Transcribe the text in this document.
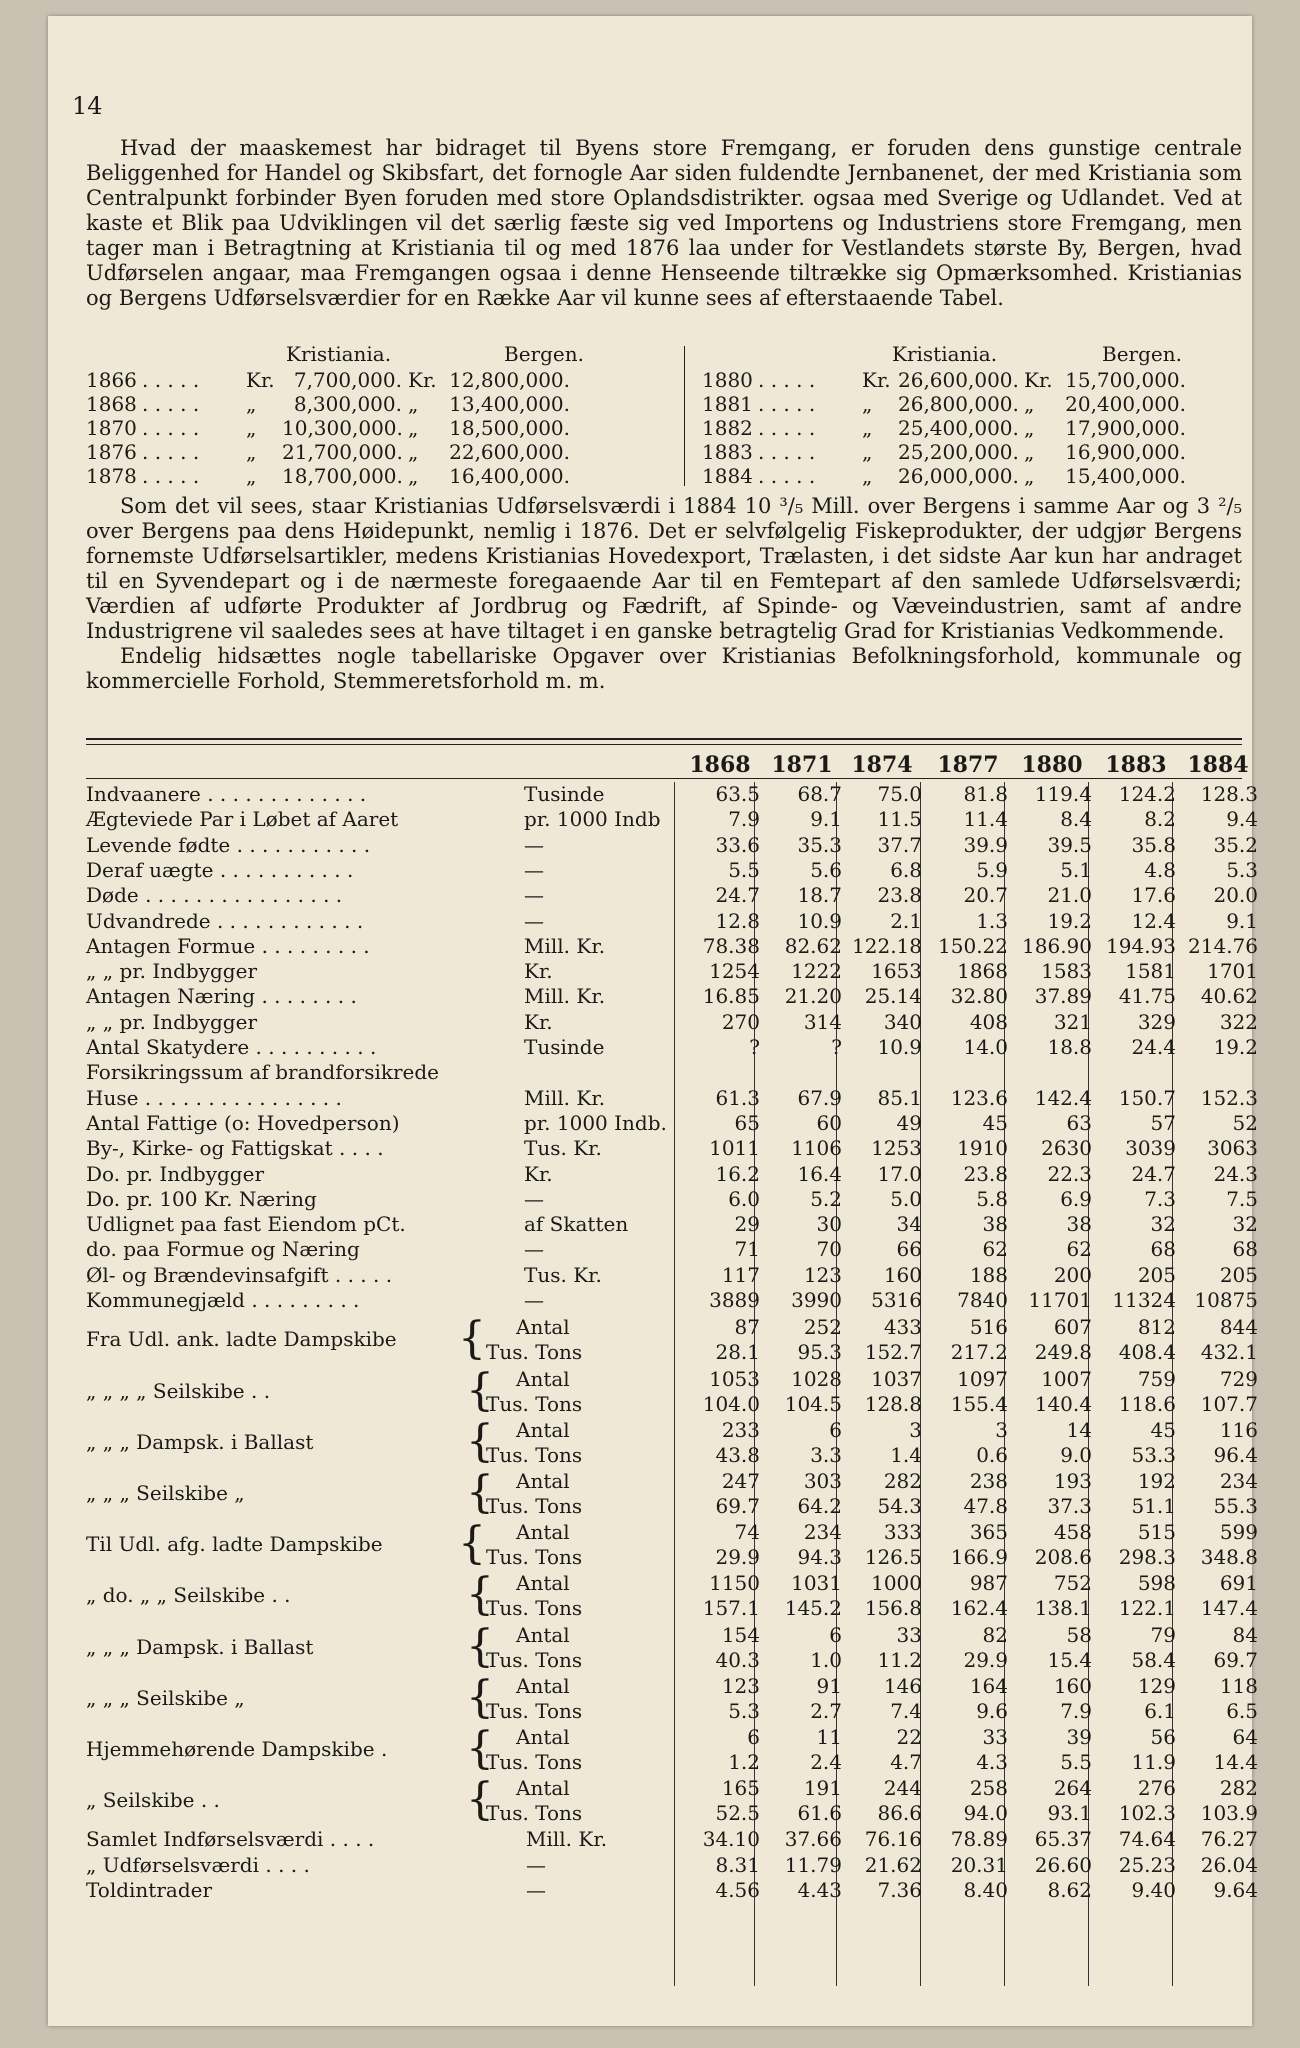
14

Hvad der maaskemest har bidraget til Byens store Fremgang, er foruden dens gunstige centrale Beliggenhed for Handel og Skibsfart, det fornogle Aar siden fuldendte Jernbanenet, der med Kristiania som Centralpunkt forbinder Byen foruden med store Oplandsdistrikter. ogsaa med Sverige og Udlandet. Ved at kaste et Blik paa Udviklingen vil det særlig fæste sig ved Importens og Industriens store Fremgang, men tager man i Betragtning at Kristiania til og med 1876 laa under for Vestlandets største By, Bergen, hvad Udførselen angaar, maa Fremgangen ogsaa i denne Henseende tiltrække sig Opmærksomhed. Kristianias og Bergens Udførselsværdier for en Række Aar vil kunne sees af efterstaaende Tabel.

Kristiania.	Bergen.	Kristiania.	Bergen.
1866 . . . . . Kr. 7,700,000. Kr. 12,800,000.
1868 . . . . . „	8,300,000. „	13,400,000.
1870 . . . . . „ 10,300,000. „	18,500,000.
1876 . . . . . „ 21,700,000. „	22,600,000.
1878 . . . . . „ 18,700,000. „	16,400,000.
1880 . . . . . Kr. 26,600,000. Kr. 15,700,000.
1881 . . . . . „ 26,800,000. „	20,400,000.
1882 . . . . . „ 25,400,000. „	17,900,000.
1883 . . . . . „ 25,200,000. „	16,900,000.
1884 . . . . . „ 26,000,000. „	15,400,000.

Som det vil sees, staar Kristianias Udførselsværdi i 1884 10 ³/₅ Mill. over Bergens i samme Aar og 3 ²/₅ over Bergens paa dens Høidepunkt, nemlig i 1876. Det er selvfølgelig Fiskeprodukter, der udgjør Bergens fornemste Udførselsartikler, medens Kristianias Hovedexport, Trælasten, i det sidste Aar kun har andraget til en Syvendepart og i de nærmeste foregaaende Aar til en Femtepart af den samlede Udførselsværdi; Værdien af udførte Produkter af Jordbrug og Fædrift, af Spinde- og Væveindustrien, samt af andre Industrigrene vil saaledes sees at have tiltaget i en ganske betragtelig Grad for Kristianias Vedkommende.

Endelig hidsættes nogle tabellariske Opgaver over Kristianias Befolkningsforhold, kommunale og kommercielle Forhold, Stemmeretsforhold m. m.

1868 1871 1874	1877	1880	1883 1884
Indvaanere . . . . . . . . . . . . .	Tusinde	63.5	68.7	75.0	81.8	119.4	124.2	128.3
Ægteviede Par i Løbet af Aaret	pr. 1000 Indb	7.9	9.1	11.5	11.4	8.4	8.2	9.4
Levende fødte . . . . . . . . . . .	—	33.6	35.3	37.7	39.9	39.5	35.8	35.2
Deraf uægte . . . . . . . . . . .	—	5.5	5.6	6.8	5.9	5.1	4.8	5.3
Døde . . . . . . . . . . . . . . . .	—	24.7	18.7	23.8	20.7	21.0	17.6	20.0
Udvandrede . . . . . . . . . . . .	—	12.8	10.9	2.1	1.3	19.2	12.4	9.1
Antagen Formue . . . . . . . . .	Mill. Kr.	78.38	82.62 122.18 150.22 186.90 194.93 214.76
„ „ pr. Indbygger	Kr.	1254	1222	1653	1868	1583	1581	1701
Antagen Næring . . . . . . . .	Mill. Kr.	16.85	21.20	25.14	32.80	37.89	41.75	40.62
„ „ pr. Indbygger	Kr.	270	314	340	408	321	329	322
Antal Skatydere . . . . . . . . . .	Tusinde	?	?	10.9	14.0	18.8	24.4	19.2
Forsikringssum af brandforsikrede
Huse . . . . . . . . . . . . . . . .	Mill. Kr.	61.3	67.9	85.1	123.6	142.4	150.7	152.3
Antal Fattige (o: Hovedperson)	pr. 1000 Indb.	65	60	49	45	63	57	52
By-, Kirke- og Fattigskat . . . .	Tus. Kr.	1011	1106	1253	1910	2630	3039	3063
Do. pr. Indbygger	Kr.	16.2	16.4	17.0	23.8	22.3	24.7	24.3
Do. pr. 100 Kr. Næring	—	6.0	5.2	5.0	5.8	6.9	7.3	7.5
Udlignet paa fast Eiendom pCt.	af Skatten	29	30	34	38	38	32	32
do. paa Formue og Næring	—	71	70	66	62	62	68	68
Øl- og Brændevinsafgift . . . . .	Tus. Kr.	117	123	160	188	200	205	205
Kommunegjæld . . . . . . . . .	—	3889	3990	5316	7840	11701	11324 10875
Fra Udl. ank. ladte Dampskibe { Antal	87	252	433	516	607	812	844
Tus. Tons	28.1	95.3	152.7	217.2	249.8	408.4	432.1
„ „ „ „ Seilskibe . .	{ Antal	1053	1028	1037	1097	1007	759	729
Tus. Tons	104.0	104.5	128.8	155.4	140.4	118.6	107.7
„ „ „ Dampsk. i Ballast	{ Antal	233	6	3	3	14	45	116
Tus. Tons	43.8	3.3	1.4	0.6	9.0	53.3	96.4
„ „ „ Seilskibe „	{ Antal	247	303	282	238	193	192	234
Tus. Tons	69.7	64.2	54.3	47.8	37.3	51.1	55.3
Til Udl. afg. ladte Dampskibe { Antal	74	234	333	365	458	515	599
Tus. Tons	29.9	94.3	126.5	166.9	208.6	298.3	348.8
„ do. „ „ Seilskibe . .	{ Antal	1150	1031	1000	987	752	598	691
Tus. Tons	157.1	145.2	156.8	162.4	138.1	122.1	147.4
„ „ „ Dampsk. i Ballast	{ Antal	154	6	33	82	58	79	84
Tus. Tons	40.3	1.0	11.2	29.9	15.4	58.4	69.7
„ „ „ Seilskibe „	{ Antal	123	91	146	164	160	129	118
Tus. Tons	5.3	2.7	7.4	9.6	7.9	6.1	6.5
Hjemmehørende Dampskibe . { Antal	6	11	22	33	39	56	64
Tus. Tons	1.2	2.4	4.7	4.3	5.5	11.9	14.4
„ Seilskibe . .	{ Antal	165	191	244	258	264	276	282
Tus. Tons	52.5	61.6	86.6	94.0	93.1	102.3	103.9
Samlet Indførselsværdi . . . .	Mill. Kr.	34.10	37.66	76.16	78.89	65.37	74.64	76.27
„ Udførselsværdi . . . .	—	8.31	11.79	21.62	20.31	26.60	25.23	26.04
Toldintrader	—	4.56	4.43	7.36	8.40	8.62	9.40	9.64
